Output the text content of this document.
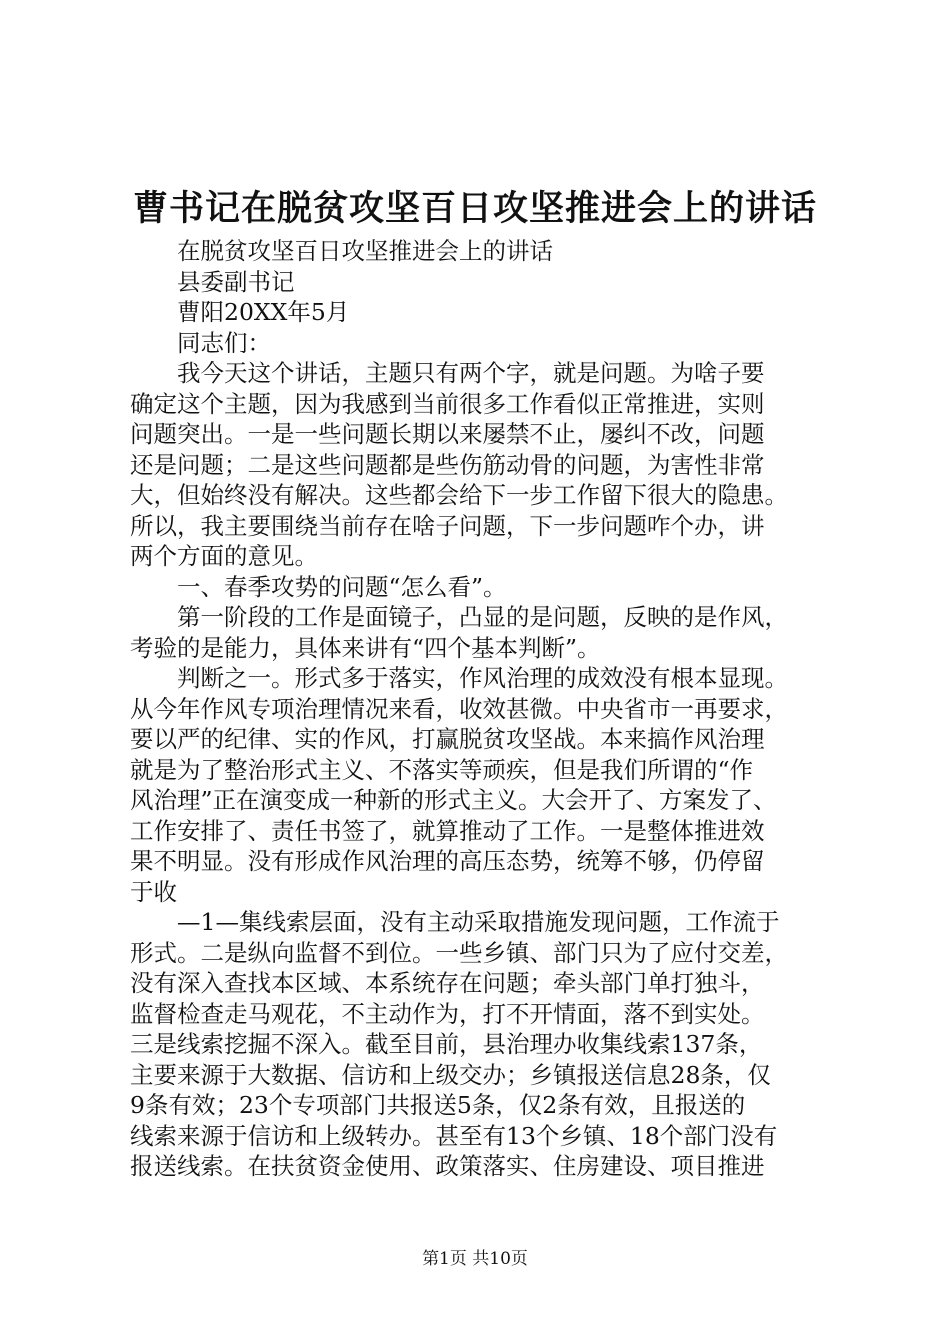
曹书记在脱贫攻坚百日攻坚推进会上的讲话
在脱贫攻坚百日攻坚推进会上的讲话
县委副书记
曹阳20XX年5月
同志们：
我今天这个讲话，主题只有两个字，就是问题。为啥子要
确定这个主题，因为我感到当前很多工作看似正常推进，实则
问题突出。一是一些问题长期以来屡禁不止，屡纠不改，问题
还是问题；二是这些问题都是些伤筋动骨的问题，为害性非常
大，但始终没有解决。这些都会给下一步工作留下很大的隐患。
所以，我主要围绕当前存在啥子问题，下一步问题咋个办，讲
两个方面的意见。
一、春季攻势的问题“怎么看”。
第一阶段的工作是面镜子，凸显的是问题，反映的是作风，
考验的是能力，具体来讲有“四个基本判断”。
判断之一。形式多于落实，作风治理的成效没有根本显现。
从今年作风专项治理情况来看，收效甚微。中央省市一再要求，
要以严的纪律、实的作风，打赢脱贫攻坚战。本来搞作风治理
就是为了整治形式主义、不落实等顽疾，但是我们所谓的“作
风治理”正在演变成一种新的形式主义。大会开了、方案发了、
工作安排了、责任书签了，就算推动了工作。一是整体推进效
果不明显。没有形成作风治理的高压态势，统筹不够，仍停留
于收
—1—集线索层面，没有主动采取措施发现问题，工作流于
形式。二是纵向监督不到位。一些乡镇、部门只为了应付交差，
没有深入查找本区域、本系统存在问题；牵头部门单打独斗，
监督检查走马观花，不主动作为，打不开情面，落不到实处。
三是线索挖掘不深入。截至目前，县治理办收集线索137条，
主要来源于大数据、信访和上级交办；乡镇报送信息28条，仅
9条有效；23个专项部门共报送5条，仅2条有效，且报送的
线索来源于信访和上级转办。甚至有13个乡镇、18个部门没有
报送线索。在扶贫资金使用、政策落实、住房建设、项目推进
第1页 共10页
